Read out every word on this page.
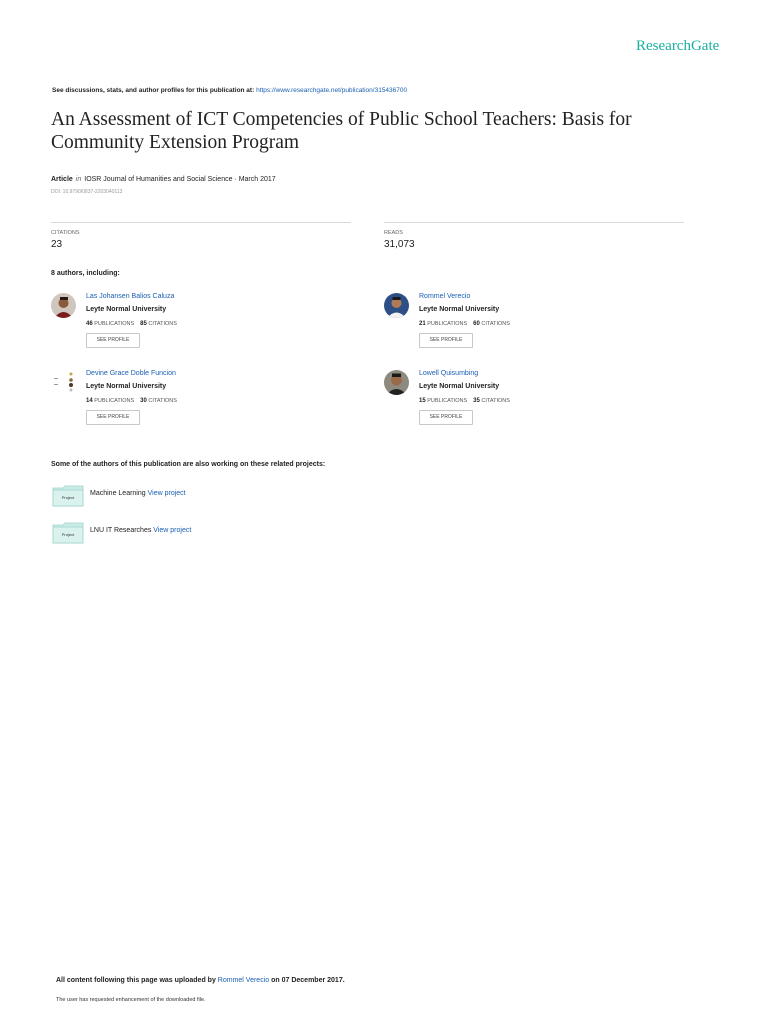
ResearchGate
See discussions, stats, and author profiles for this publication at: https://www.researchgate.net/publication/315436700
An Assessment of ICT Competencies of Public School Teachers: Basis for Community Extension Program
Article in IOSR Journal of Humanities and Social Science · March 2017
DOI: 10.9790/0837-2203040113
CITATIONS
23
READS
31,073
8 authors, including:
Las Johansen Balios Caluza
Leyte Normal University
46 PUBLICATIONS 85 CITATIONS
SEE PROFILE
Rommel Verecio
Leyte Normal University
21 PUBLICATIONS 60 CITATIONS
SEE PROFILE
Devine Grace Doble Funcion
Leyte Normal University
14 PUBLICATIONS 30 CITATIONS
SEE PROFILE
Lowell Quisumbing
Leyte Normal University
15 PUBLICATIONS 35 CITATIONS
SEE PROFILE
Some of the authors of this publication are also working on these related projects:
Project
Machine Learning View project
Project
LNU IT Researches View project
All content following this page was uploaded by Rommel Verecio on 07 December 2017.
The user has requested enhancement of the downloaded file.
